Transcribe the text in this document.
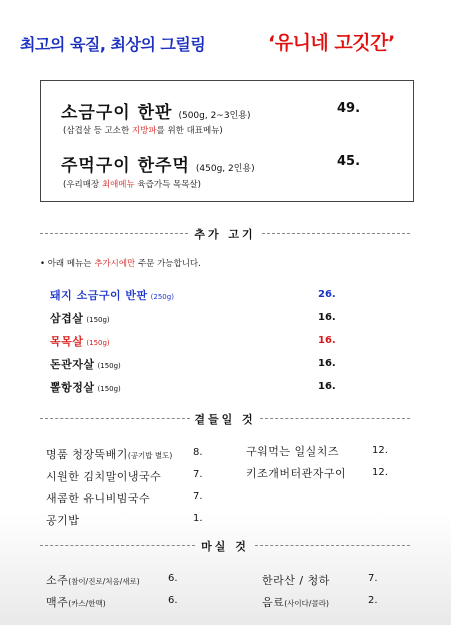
최고의 육질, 최상의 그릴링	‘유니네 고깃간’
소금구이 한판 (500g, 2~3인용)	49.
(삼겹살 등 고소한 지방파를 위한 대표메뉴)
주먹구이 한주먹 (450g, 2인용)	45.
(우리매장 최애메뉴 육즙가득 목목살)
추가 고기
• 아래 메뉴는 추가시에만 주문 가능합니다.
돼지 소금구이 반판 (250g)	26.
삼겹살 (150g)	16.
목목살 (150g)	16.
돈관자살 (150g)	16.
뽈항정살 (150g)	16.
곁들일 것
명품 청장뚝배기(공기밥 별도) 8.
시원한 김치말이냉국수	7.
새콤한 유니비빔국수	7.
공기밥	1.
구워먹는 일실치즈	12.
키조개버터관자구이	12.
마실 것
소주(참이/진로/처음/새로)	6.
맥주(카스/한맥)	6.
한라산 / 청하	7.
음료(사이다/콜라)	2.
